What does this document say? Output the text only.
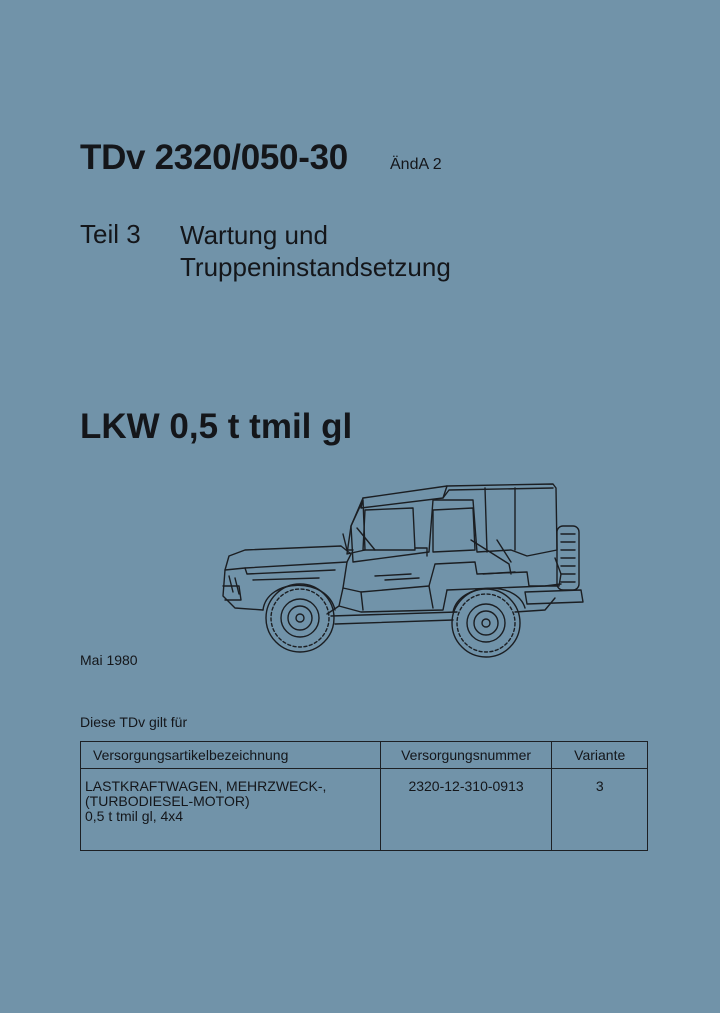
TDv 2320/050-30	ÄndA 2
Teil 3 Wartung und
Truppeninstandsetzung
LKW 0,5 t tmil gl
Mai 1980
Diese TDv gilt für
Versorgungsartikelbezeichnung	Versorgungsnummer	Variante

LASTKRAFTWAGEN, MEHRZWECK-,
(TURBODIESEL-MOTOR)
0,5 t tmil gl, 4x4	2320-12-310-0913	3
